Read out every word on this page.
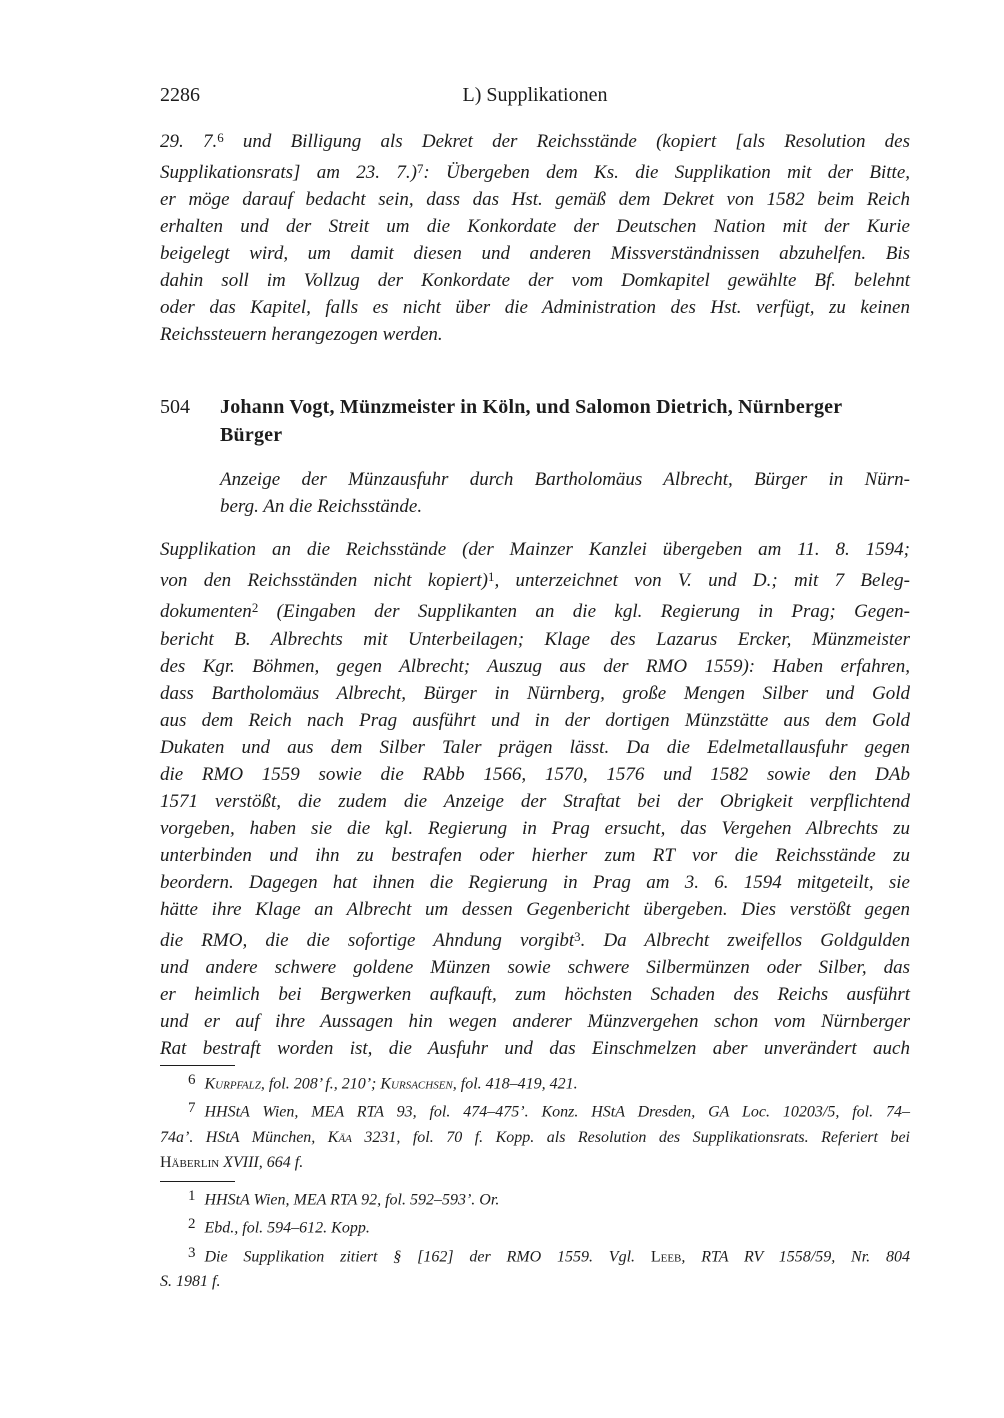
2286	L) Supplikationen
29. 7.$^6$ und Billigung als Dekret der Reichsstände (kopiert [als Resolution des
Supplikationsrats] am 23. 7.)$^7$: Übergeben dem Ks. die Supplikation mit der Bitte,
er möge darauf bedacht sein, dass das Hst. gemäß dem Dekret von 1582 beim Reich
erhalten und der Streit um die Konkordate der Deutschen Nation mit der Kurie
beigelegt wird, um damit diesen und anderen Missverständnissen abzuhelfen. Bis
dahin soll im Vollzug der Konkordate der vom Domkapitel gewählte Bf. belehnt
oder das Kapitel, falls es nicht über die Administration des Hst. verfügt, zu keinen
Reichssteuern herangezogen werden.
504	Johann Vogt, Münzmeister in Köln, und Salomon Dietrich, Nürnberger
Bürger
Anzeige der Münzausfuhr durch Bartholomäus Albrecht, Bürger in Nürn-
berg. An die Reichsstände.
Supplikation an die Reichsstände (der Mainzer Kanzlei übergeben am 11. 8. 1594;
von den Reichsständen nicht kopiert)$^1$, unterzeichnet von V. und D.; mit 7 Beleg-
dokumenten$^2$ (Eingaben der Supplikanten an die kgl. Regierung in Prag; Gegen-
bericht B. Albrechts mit Unterbeilagen; Klage des Lazarus Ercker, Münzmeister
des Kgr. Böhmen, gegen Albrecht; Auszug aus der RMO 1559): Haben erfahren,
dass Bartholomäus Albrecht, Bürger in Nürnberg, große Mengen Silber und Gold
aus dem Reich nach Prag ausführt und in der dortigen Münzstätte aus dem Gold
Dukaten und aus dem Silber Taler prägen lässt. Da die Edelmetallausfuhr gegen
die RMO 1559 sowie die RAbb 1566, 1570, 1576 und 1582 sowie den DAb
1571 verstößt, die zudem die Anzeige der Straftat bei der Obrigkeit verpflichtend
vorgeben, haben sie die kgl. Regierung in Prag ersucht, das Vergehen Albrechts zu
unterbinden und ihn zu bestrafen oder hierher zum RT vor die Reichsstände zu
beordern. Dagegen hat ihnen die Regierung in Prag am 3. 6. 1594 mitgeteilt, sie
hätte ihre Klage an Albrecht um dessen Gegenbericht übergeben. Dies verstößt gegen
die RMO, die die sofortige Ahndung vorgibt$^3$. Da Albrecht zweifellos Goldgulden
und andere schwere goldene Münzen sowie schwere Silbermünzen oder Silber, das
er heimlich bei Bergwerken aufkauft, zum höchsten Schaden des Reichs ausführt
und er auf ihre Aussagen hin wegen anderer Münzvergehen schon vom Nürnberger
Rat bestraft worden ist, die Ausfuhr und das Einschmelzen aber unverändert auch
6 Kurpfalz, fol. 208’ f., 210’; Kursachsen, fol. 418–419, 421.
7 HHStA Wien, MEA RTA 93, fol. 474–475’. Konz. HStA Dresden, GA Loc. 10203/5, fol. 74–
74a’. HStA München, Käa 3231, fol. 70 f. Kopp. als Resolution des Supplikationsrats. Referiert bei
Häberlin XVIII, 664 f.
1 HHStA Wien, MEA RTA 92, fol. 592–593’. Or.
2 Ebd., fol. 594–612. Kopp.
3 Die Supplikation zitiert § [162] der RMO 1559. Vgl. Leeb, RTA RV 1558/59, Nr. 804
S. 1981 f.
